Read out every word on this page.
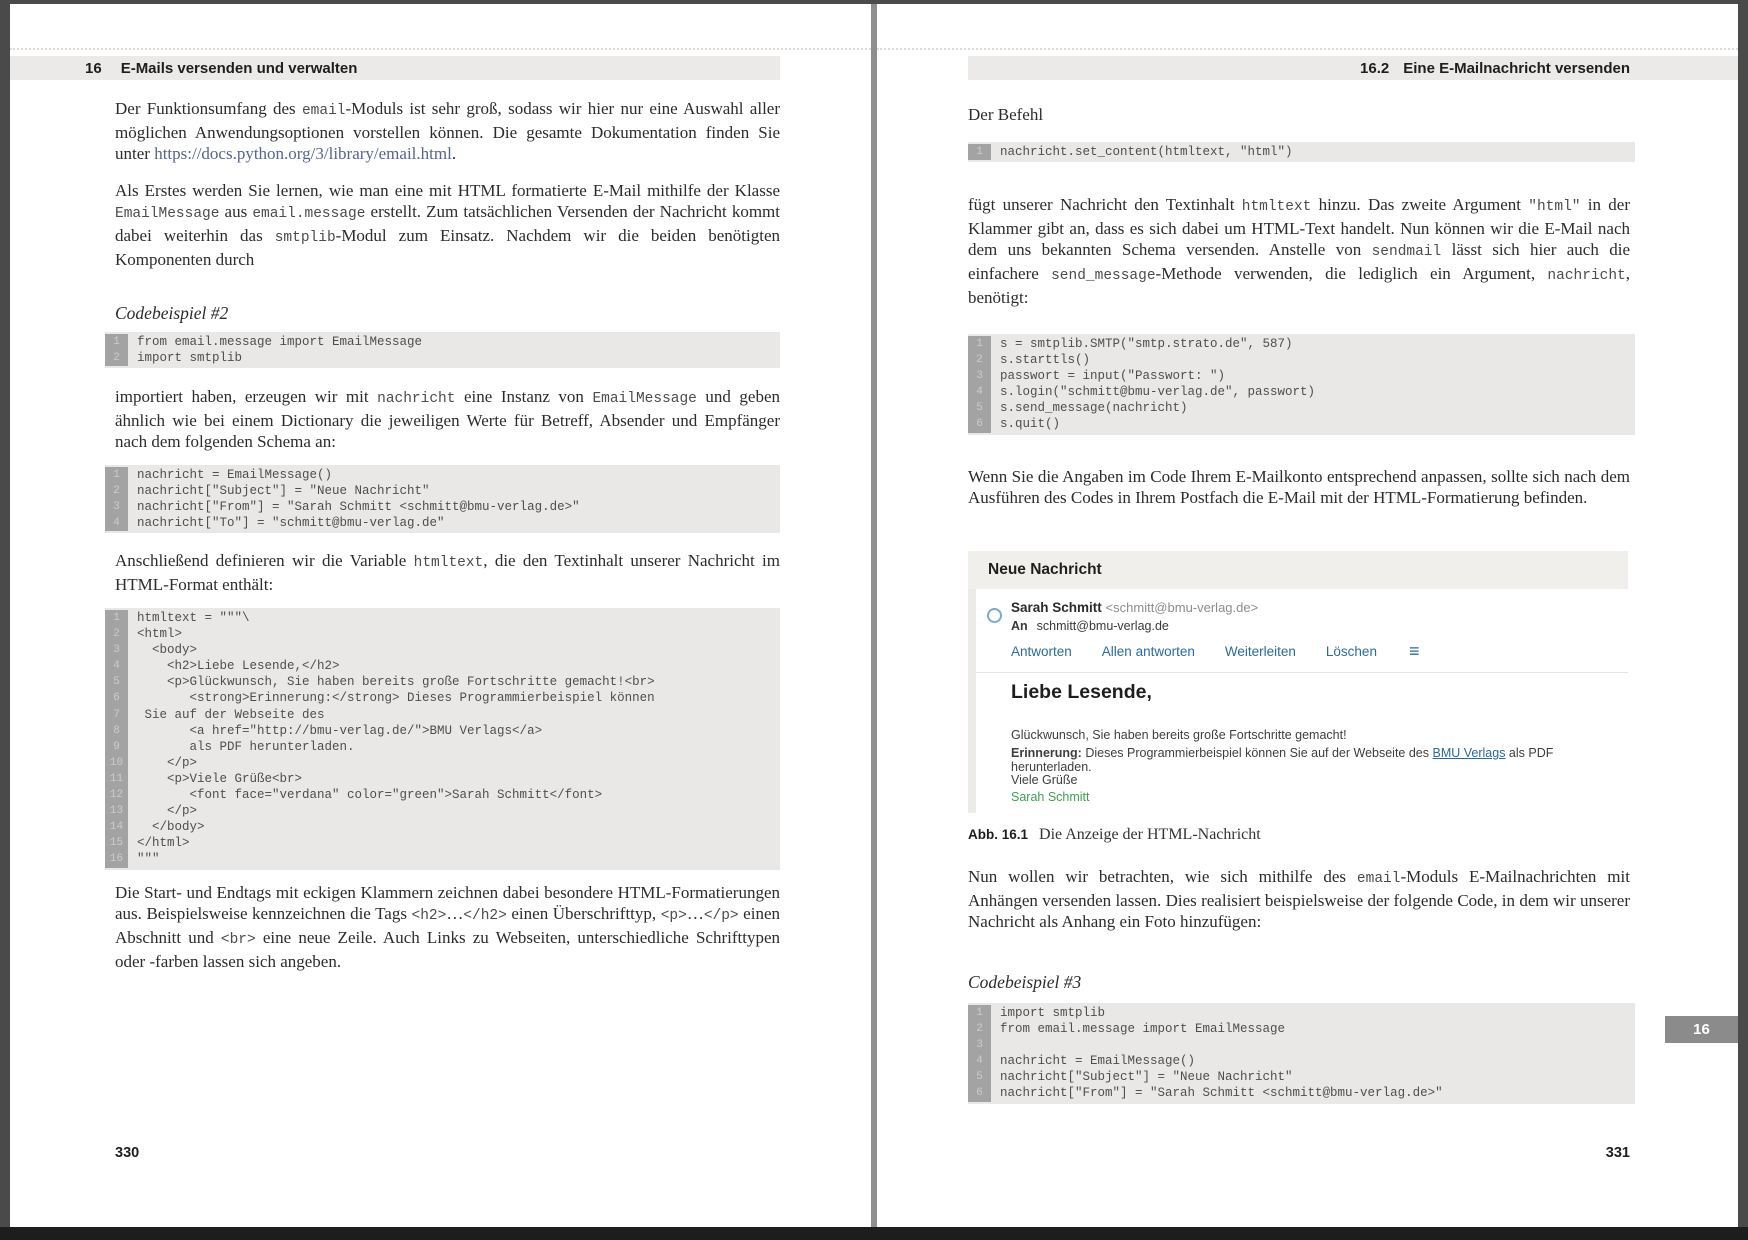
16 E-Mails versenden und verwalten

Der Funktionsumfang des email-Moduls ist sehr groß, sodass wir hier nur eine Auswahl aller möglichen Anwendungsoptionen vorstellen können. Die gesamte Dokumentation finden Sie unter https://docs.python.org/3/library/email.html.

Als Erstes werden Sie lernen, wie man eine mit HTML formatierte E-Mail mithilfe der Klasse EmailMessage aus email.message erstellt. Zum tatsächlichen Versenden der Nachricht kommt dabei weiterhin das smtplib-Modul zum Einsatz. Nachdem wir die beiden benötigten Komponenten durch

Codebeispiel #2
1	from email.message import EmailMessage
2	import smtplib

importiert haben, erzeugen wir mit nachricht eine Instanz von EmailMessage und geben ähnlich wie bei einem Dictionary die jeweiligen Werte für Betreff, Absender und Empfänger nach dem folgenden Schema an:

1	nachricht = EmailMessage()
2	nachricht["Subject"] = "Neue Nachricht"
3	nachricht["From"] = "Sarah Schmitt <schmitt@bmu-verlag.de>"
4	nachricht["To"] = "schmitt@bmu-verlag.de"

Anschließend definieren wir die Variable htmltext, die den Textinhalt unserer Nachricht im HTML-Format enthält:

1	htmltext = """\
2	<html>
3	<body>
4	<h2>Liebe Lesende,</h2>
5	<p>Glückwunsch, Sie haben bereits große Fortschritte gemacht!<br>
6	<strong>Erinnerung:</strong> Dieses Programmierbeispiel können
7	Sie auf der Webseite des
8	<a href="http://bmu-verlag.de/">BMU Verlags</a>
9	als PDF herunterladen.
10	</p>
11	<p>Viele Grüße<br>
12	<font face="verdana" color="green">Sarah Schmitt</font>
13	</p>
14	</body>
15	</html>
16	"""

Die Start- und Endtags mit eckigen Klammern zeichnen dabei besondere HTML-Formatierungen aus. Beispielsweise kennzeichnen die Tags <h2>…</h2> einen Überschrifttyp, <p>…</p> einen Abschnitt und <br> eine neue Zeile. Auch Links zu Webseiten, unterschiedliche Schrifttypen oder -farben lassen sich angeben.

330
16.2 Eine E-Mailnachricht versenden

Der Befehl

1	nachricht.set_content(htmltext, "html")

fügt unserer Nachricht den Textinhalt htmltext hinzu. Das zweite Argument "html" in der Klammer gibt an, dass es sich dabei um HTML-Text handelt. Nun können wir die E-Mail nach dem uns bekannten Schema versenden. Anstelle von sendmail lässt sich hier auch die einfachere send_message-Methode verwenden, die lediglich ein Argument, nachricht, benötigt:

1	s = smtplib.SMTP("smtp.strato.de", 587)
2	s.starttls()
3	passwort = input("Passwort: ")
4	s.login("schmitt@bmu-verlag.de", passwort)
5	s.send_message(nachricht)
6	s.quit()

Wenn Sie die Angaben im Code Ihrem E-Mailkonto entsprechend anpassen, sollte sich nach dem Ausführen des Codes in Ihrem Postfach die E-Mail mit der HTML-Formatierung befinden.

Neue Nachricht
Sarah Schmitt <schmitt@bmu-verlag.de>
An schmitt@bmu-verlag.de
Antworten Allen antworten Weiterleiten Löschen ≡
Liebe Lesende,
Glückwunsch, Sie haben bereits große Fortschritte gemacht!
Erinnerung: Dieses Programmierbeispiel können Sie auf der Webseite des BMU Verlags als PDF herunterladen.
Viele Grüße
Sarah Schmitt
Abb. 16.1 Die Anzeige der HTML-Nachricht

Nun wollen wir betrachten, wie sich mithilfe des email-Moduls E-Mailnachrichten mit Anhängen versenden lassen. Dies realisiert beispielsweise der folgende Code, in dem wir unserer Nachricht als Anhang ein Foto hinzufügen:

Codebeispiel #3
1	import smtplib
2	from email.message import EmailMessage
3
4	nachricht = EmailMessage()
5	nachricht["Subject"] = "Neue Nachricht"
6	nachricht["From"] = "Sarah Schmitt <schmitt@bmu-verlag.de>"
16
331
